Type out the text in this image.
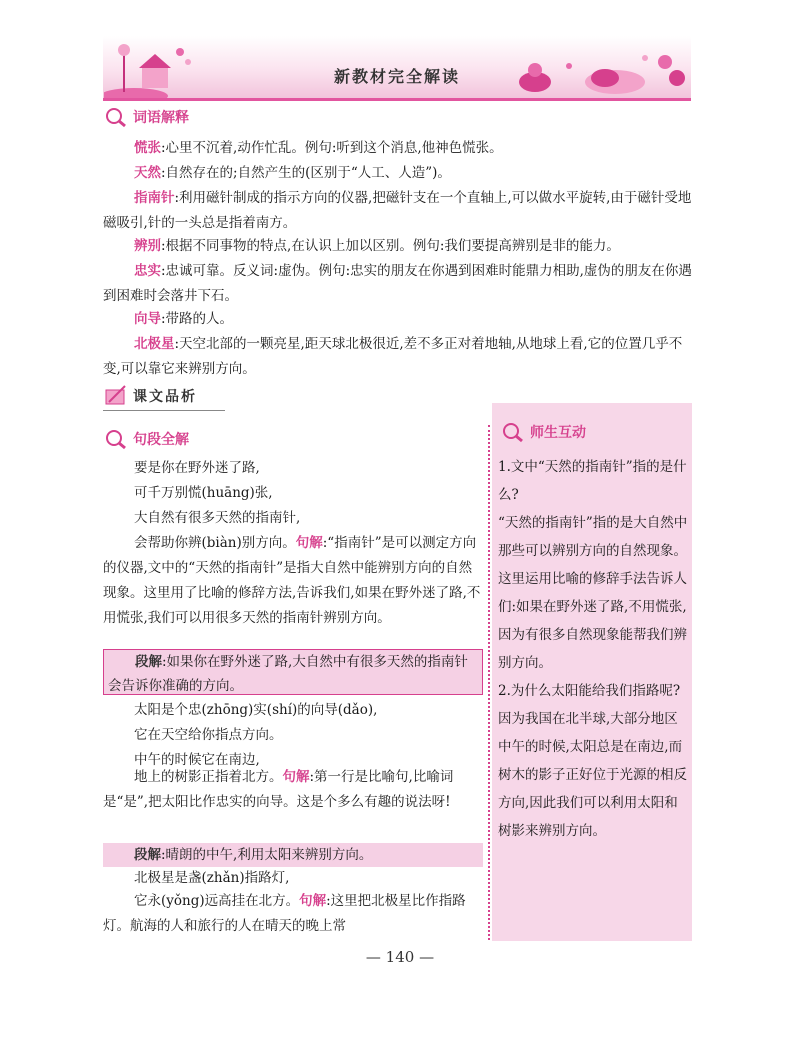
新教材完全解读
词语解释
慌张:心里不沉着,动作忙乱。例句:听到这个消息,他神色慌张。
天然:自然存在的;自然产生的(区别于“人工、人造”)。
指南针:利用磁针制成的指示方向的仪器,把磁针支在一个直轴上,可以做水平旋转,由于磁针受地磁吸引,针的一头总是指着南方。
辨别:根据不同事物的特点,在认识上加以区别。例句:我们要提高辨别是非的能力。
忠实:忠诚可靠。反义词:虚伪。例句:忠实的朋友在你遇到困难时能鼎力相助,虚伪的朋友在你遇到困难时会落井下石。
向导:带路的人。
北极星:天空北部的一颗亮星,距天球北极很近,差不多正对着地轴,从地球上看,它的位置几乎不变,可以靠它来辨别方向。
课文品析
句段全解
要是你在野外迷了路,
可千万别慌(huāng)张,
大自然有很多天然的指南针,
会帮助你辨(biàn)别方向。句解:“指南针”是可以测定方向的仪器,文中的“天然的指南针”是指大自然中能辨别方向的自然现象。这里用了比喻的修辞方法,告诉我们,如果在野外迷了路,不用慌张,我们可以用很多天然的指南针辨别方向。
段解:如果你在野外迷了路,大自然中有很多天然的指南针会告诉你准确的方向。
太阳是个忠(zhōng)实(shí)的向导(dǎo),
它在天空给你指点方向。
中午的时候它在南边,
地上的树影正指着北方。句解:第一行是比喻句,比喻词是“是”,把太阳比作忠实的向导。这是个多么有趣的说法呀!
段解:晴朗的中午,利用太阳来辨别方向。
北极星是盏(zhǎn)指路灯,
它永(yǒng)远高挂在北方。句解:这里把北极星比作指路灯。航海的人和旅行的人在晴天的晚上常
师生互动
1.文中“天然的指南针”指的是什么?
“天然的指南针”指的是大自然中那些可以辨别方向的自然现象。这里运用比喻的修辞手法告诉人们:如果在野外迷了路,不用慌张,因为有很多自然现象能帮我们辨别方向。
2.为什么太阳能给我们指路呢?
因为我国在北半球,大部分地区中午的时候,太阳总是在南边,而树木的影子正好位于光源的相反方向,因此我们可以利用太阳和树影来辨别方向。
— 140 —
